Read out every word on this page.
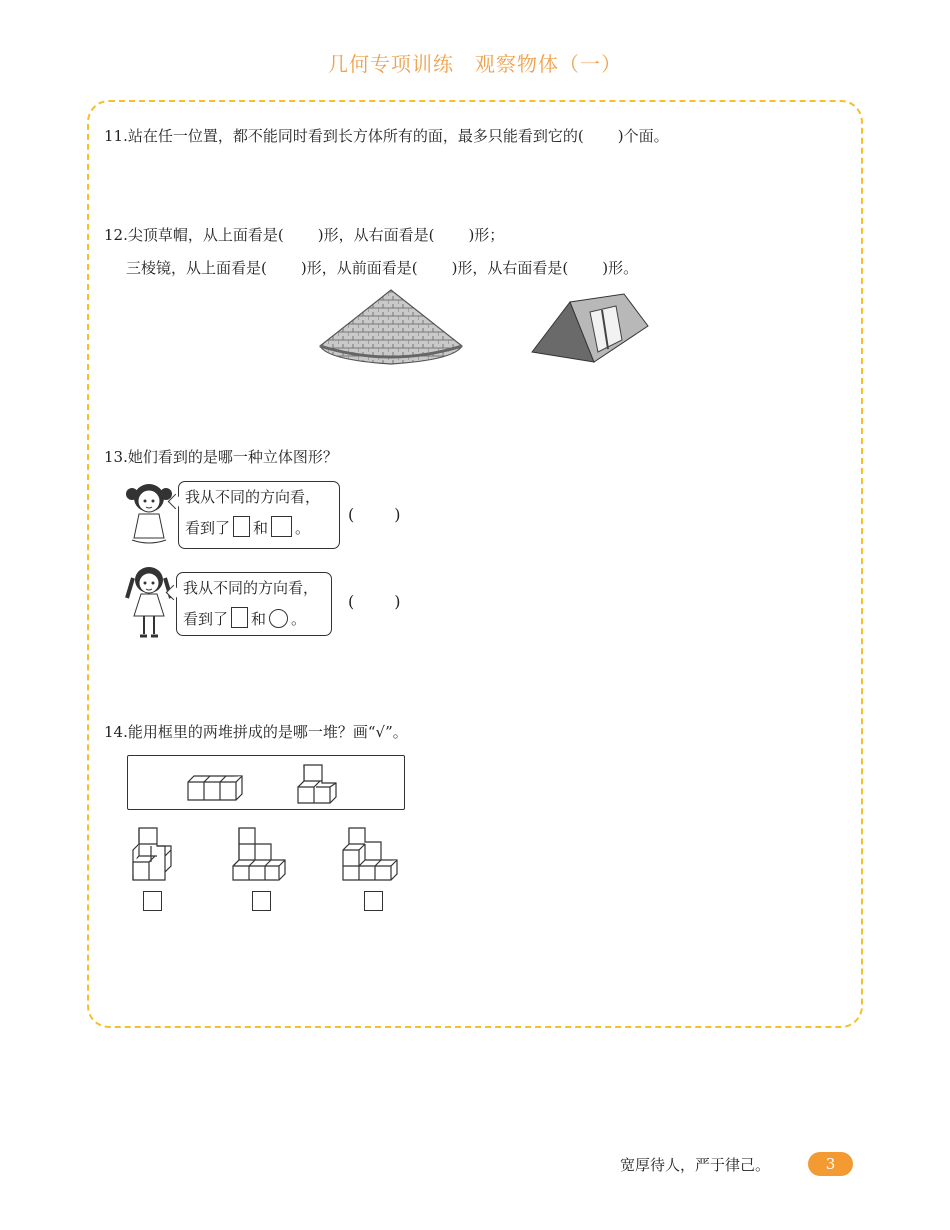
几何专项训练　观察物体（一）
11.站在任一位置，都不能同时看到长方体所有的面，最多只能看到它的( )个面。
12.尖顶草帽，从上面看是( )形，从右面看是( )形；
三棱镜，从上面看是( )形，从前面看是( )形，从右面看是( )形。
13.她们看到的是哪一种立体图形？
我从不同的方向看，
看到了 和 。
(	)
我从不同的方向看，
看到了 和 。
(	)
14.能用框里的两堆拼成的是哪一堆？画“√”。
宽厚待人，严于律己。	3
